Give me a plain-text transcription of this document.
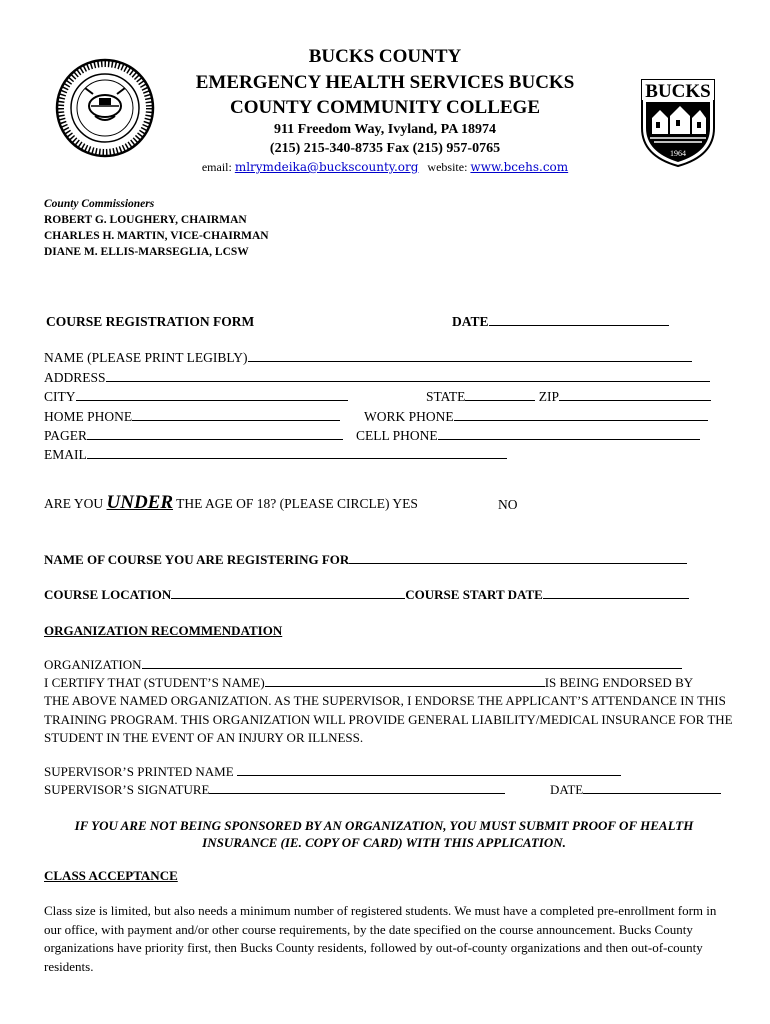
BUCKS
1964
BUCKS COUNTY
EMERGENCY HEALTH SERVICES BUCKS
COUNTY COMMUNITY COLLEGE
911 Freedom Way, Ivyland, PA 18974
(215) 215-340-8735 Fax (215) 957-0765
email: mlrymdeika@buckscounty.org website: www.bcehs.com
County Commissioners
ROBERT G. LOUGHERY, CHAIRMAN
CHARLES H. MARTIN, VICE-CHAIRMAN
DIANE M. ELLIS-MARSEGLIA, LCSW
COURSE REGISTRATION FORM	DATE
NAME (PLEASE PRINT LEGIBLY)
ADDRESS
CITY	STATE	ZIP
HOME PHONE	WORK PHONE
PAGER	CELL PHONE
EMAIL
ARE YOU UNDER THE AGE OF 18? (PLEASE CIRCLE) YES	NO
NAME OF COURSE YOU ARE REGISTERING FOR
COURSE LOCATION	COURSE START DATE
ORGANIZATION RECOMMENDATION
ORGANIZATION
I CERTIFY THAT (STUDENT’S NAME)	IS BEING ENDORSED BY
THE ABOVE NAMED ORGANIZATION. AS THE SUPERVISOR, I ENDORSE THE APPLICANT’S ATTENDANCE IN THIS TRAINING PROGRAM. THIS ORGANIZATION WILL PROVIDE GENERAL LIABILITY/MEDICAL INSURANCE FOR THE STUDENT IN THE EVENT OF AN INJURY OR ILLNESS.
SUPERVISOR’S PRINTED NAME
SUPERVISOR’S SIGNATURE	DATE
IF YOU ARE NOT BEING SPONSORED BY AN ORGANIZATION, YOU MUST SUBMIT PROOF OF HEALTH INSURANCE (IE. COPY OF CARD) WITH THIS APPLICATION.
CLASS ACCEPTANCE
Class size is limited, but also needs a minimum number of registered students. We must have a completed pre-enrollment form in our office, with payment and/or other course requirements, by the date specified on the course announcement. Bucks County organizations have priority first, then Bucks County residents, followed by out-of-county organizations and then out-of-county residents.
